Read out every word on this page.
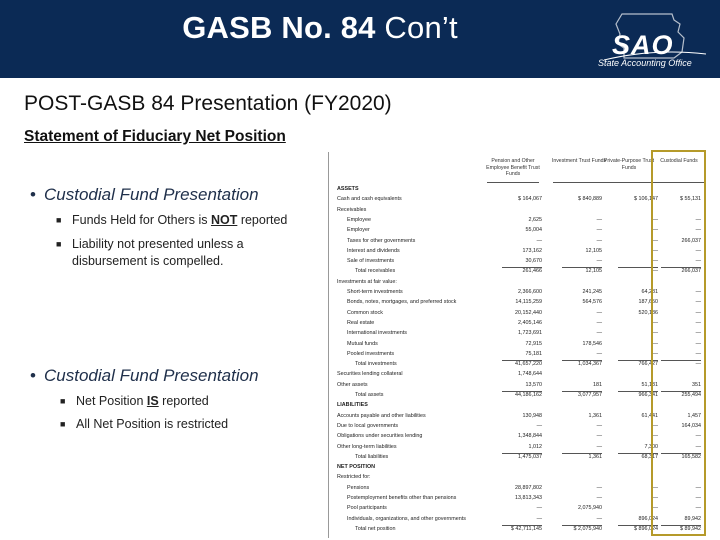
GASB No. 84 Con’t	SAO
State Accounting Office
POST-GASB 84 Presentation (FY2020)
Statement of Fiduciary Net Position
• Custodial Fund Presentation
■ Funds Held for Others is NOT reported
■ Liability not presented unless a
disbursement is compelled.
• Custodial Fund Presentation
■ Net Position IS reported
■ All Net Position is restricted
Pension and Other Employee Benefit Trust Funds
Investment Trust Funds
Private-Purpose Trust Funds
Custodial Funds
ASSETS
Cash and cash equivalents	$ 164,067	$ 840,889	$ 106,147	$ 55,131
Receivables
Employee	2,625	—	—	—
Employer	55,004	—	—	—
Taxes for other governments	—	—	—	266,037
Interest and dividends	173,162	12,105	—	—
Sale of investments	30,670	—	—	—
Total receivables	261,466	12,105	—	266,037
Investments at fair value:
Short-term investments	2,366,600	241,245	64,281	—
Bonds, notes, mortgages, and preferred stock	14,115,259	564,576	187,650	—
Common stock	20,152,440	—	520,186	—
Real estate	2,405,146	—	—	—
International investments	1,723,691	—	—	—
Mutual funds	72,915	178,546	—	—
Pooled investments	75,181	—	—	—
Total investments	41,657,220	1,034,367	766,427	—
Securities lending collateral	1,748,644
Other assets	13,570	181	51,131	351
Total assets	44,186,162	3,077,957	966,341	255,494
LIABILITIES
Accounts payable and other liabilities	130,948	1,361	61,441	1,457
Due to local governments	—	—	—	164,034
Obligations under securities lending	1,348,844	—	—	—
Other long-term liabilities	1,012	—	7,300	—
Total liabilities	1,475,037	1,361	68,317	165,582
NET POSITION
Restricted for:
Pensions	28,897,802	—	—	—
Postemployment benefits other than pensions	13,813,343	—	—	—
Pool participants	—	2,075,940	—	—
Individuals, organizations, and other governments	—	—	896,024	89,942
Total net position	$ 42,711,145	$ 2,075,940	$ 896,024	$ 89,942
